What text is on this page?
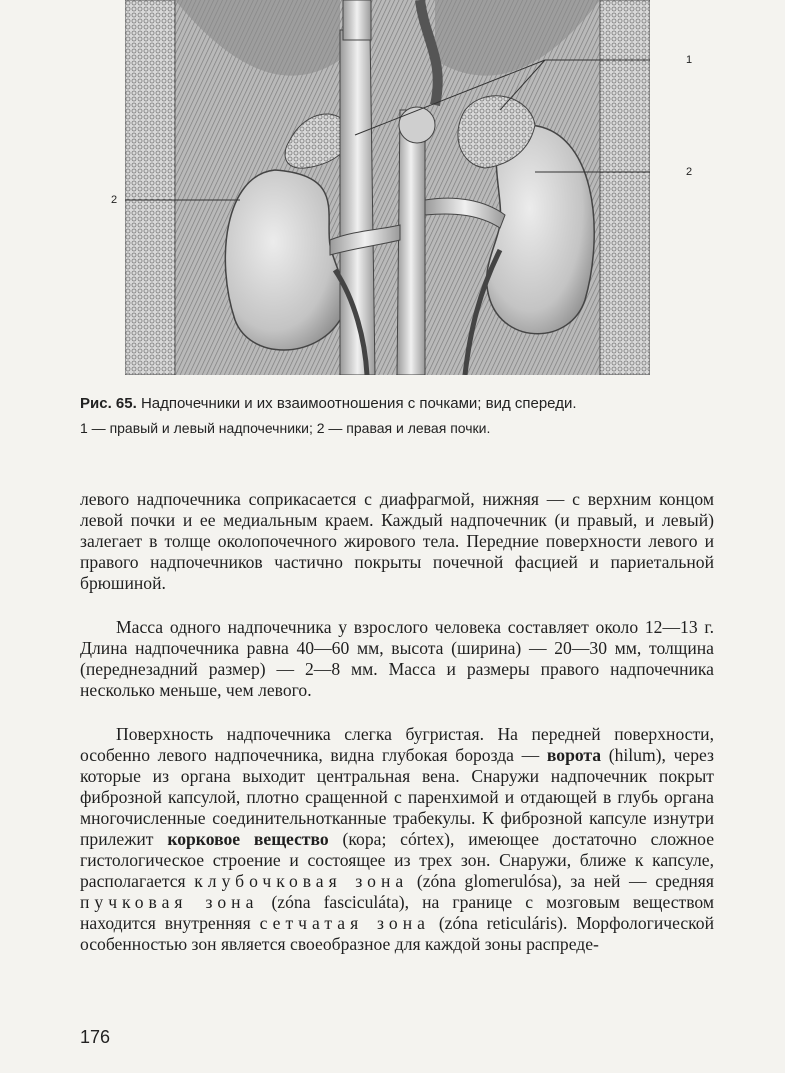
1
2
2
Рис. 65. Надпочечники и их взаимоотношения с почками; вид спереди.
1 — правый и левый надпочечники; 2 — правая и левая почки.
левого надпочечника соприкасается с диафрагмой, нижняя — с верхним концом левой почки и ее медиальным краем. Каждый надпочечник (и правый, и левый) залегает в толще околопочечного жирового тела. Передние поверхности левого и правого надпочечников частично покрыты почечной фасцией и париетальной брюшиной.
Масса одного надпочечника у взрослого человека составляет около 12—13 г. Длина надпочечника равна 40—60 мм, высота (ширина) — 20—30 мм, толщина (переднезадний размер) — 2—8 мм. Масса и размеры правого надпочечника несколько меньше, чем левого.
Поверхность надпочечника слегка бугристая. На передней поверхности, особенно левого надпочечника, видна глубокая борозда — ворота (hilum), через которые из органа выходит центральная вена. Снаружи надпочечник покрыт фиброзной капсулой, плотно сращенной с паренхимой и отдающей в глубь органа многочисленные соединительнотканные трабекулы. К фиброзной капсуле изнутри прилежит корковое вещество (кора; córtex), имеющее достаточно сложное гистологическое строение и состоящее из трех зон. Снаружи, ближе к капсуле, располагается клубочковая зона (zóna glomerulósa), за ней — средняя пучковая зона (zóna fasciculáta), на границе с мозговым веществом находится внутренняя сетчатая зона (zóna reticuláris). Морфологической особенностью зон является своеобразное для каждой зоны распреде-
176
